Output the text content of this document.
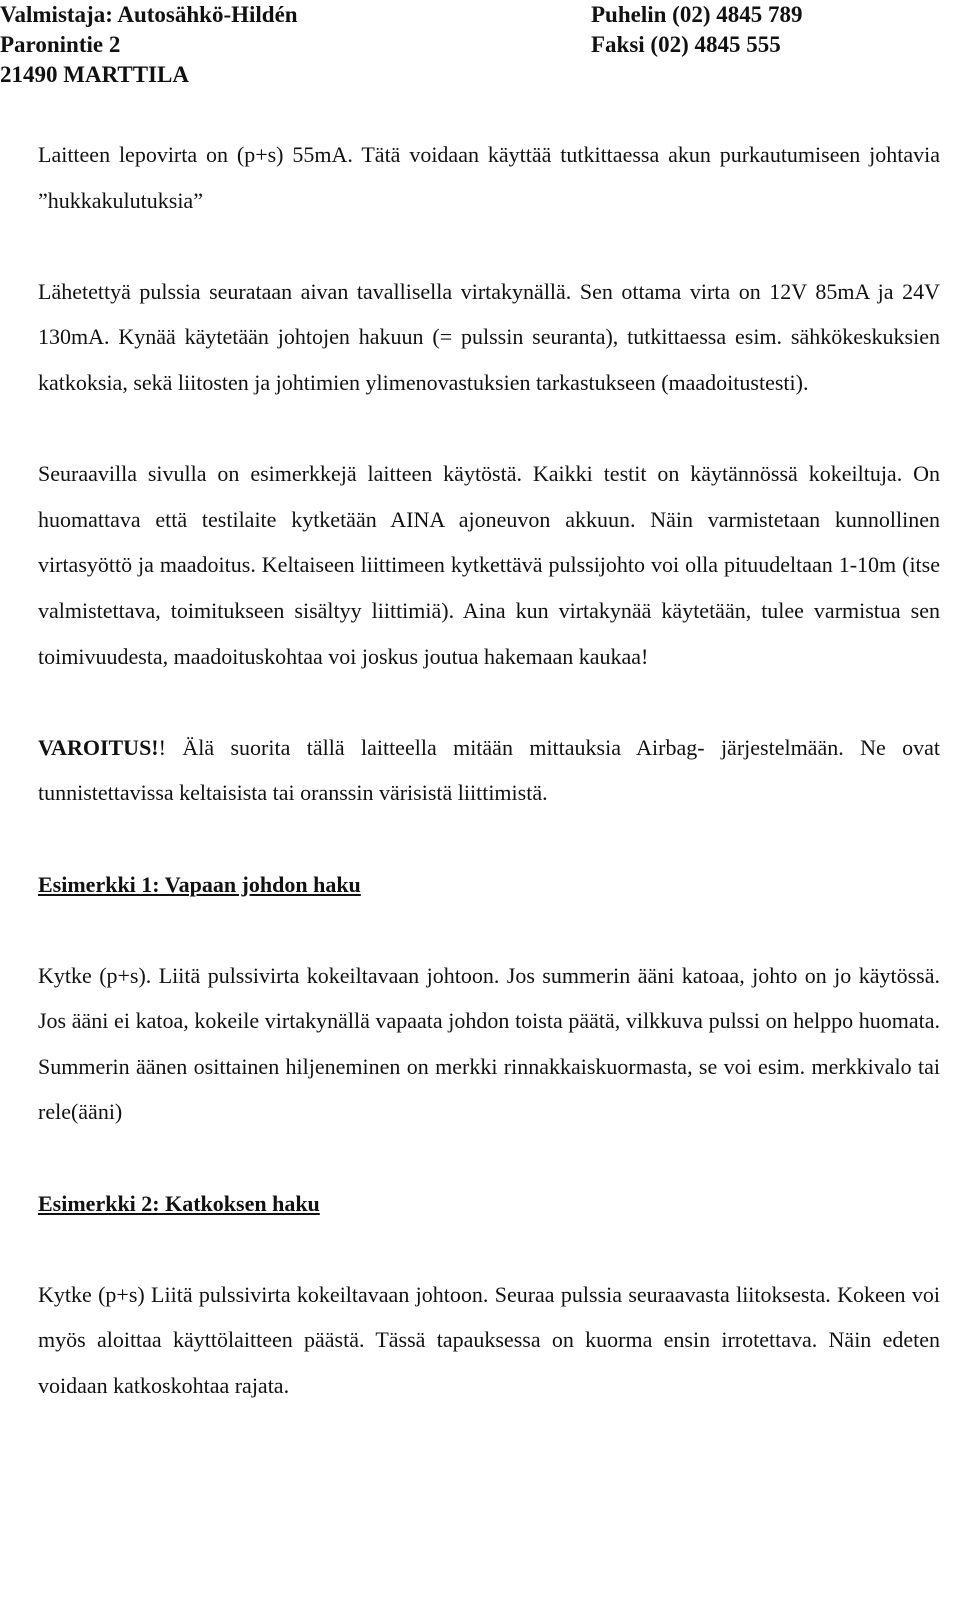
Valmistaja: Autosähkö-Hildén
Paronintie 2
21490 MARTTILA
Puhelin (02) 4845 789
Faksi (02) 4845 555

Laitteen lepovirta on (p+s) 55mA. Tätä voidaan käyttää tutkittaessa akun purkautumiseen johtavia ”hukkakulutuksia”

Lähetettyä pulssia seurataan aivan tavallisella virtakynällä. Sen ottama virta on 12V 85mA ja 24V 130mA. Kynää käytetään johtojen hakuun (= pulssin seuranta), tutkittaessa esim. sähkökeskuksien katkoksia, sekä liitosten ja johtimien ylimenovastuksien tarkastukseen (maadoitustesti).

Seuraavilla sivulla on esimerkkejä laitteen käytöstä. Kaikki testit on käytännössä kokeiltuja. On huomattava että testilaite kytketään AINA ajoneuvon akkuun. Näin varmistetaan kunnollinen virtasyöttö ja maadoitus. Keltaiseen liittimeen kytkettävä pulssijohto voi olla pituudeltaan 1-10m (itse valmistettava, toimitukseen sisältyy liittimiä). Aina kun virtakynää käytetään, tulee varmistua sen toimivuudesta, maadoituskohtaa voi joskus joutua hakemaan kaukaa!

VAROITUS!! Älä suorita tällä laitteella mitään mittauksia Airbag- järjestelmään. Ne ovat tunnistettavissa keltaisista tai oranssin värisistä liittimistä.

Esimerkki 1: Vapaan johdon haku

Kytke (p+s). Liitä pulssivirta kokeiltavaan johtoon. Jos summerin ääni katoaa, johto on jo käytössä. Jos ääni ei katoa, kokeile virtakynällä vapaata johdon toista päätä, vilkkuva pulssi on helppo huomata. Summerin äänen osittainen hiljeneminen on merkki rinnakkaiskuormasta, se voi esim. merkkivalo tai rele(ääni)

Esimerkki 2: Katkoksen haku

Kytke (p+s) Liitä pulssivirta kokeiltavaan johtoon. Seuraa pulssia seuraavasta liitoksesta. Kokeen voi myös aloittaa käyttölaitteen päästä. Tässä tapauksessa on kuorma ensin irrotettava. Näin edeten voidaan katkoskohtaa rajata.
